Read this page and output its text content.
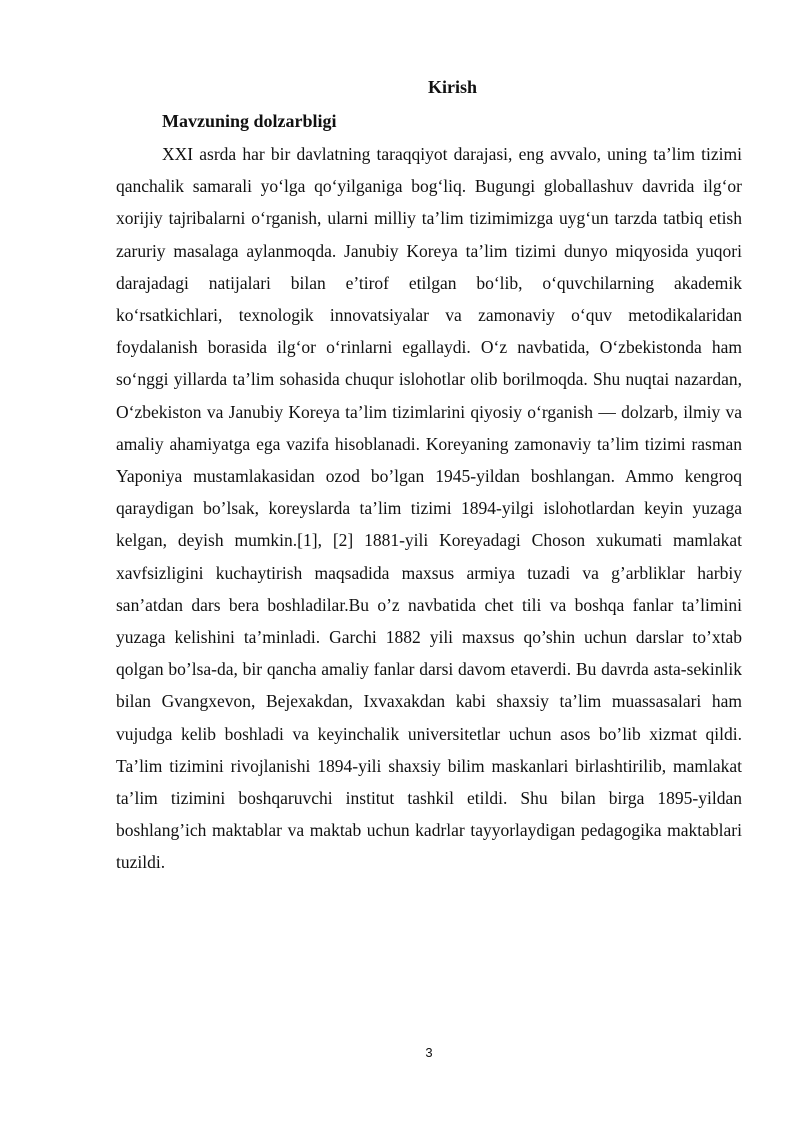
Kirish
Mavzuning dolzarbligi

XXI asrda har bir davlatning taraqqiyot darajasi, eng avvalo, uning ta’lim tizimi qanchalik samarali yo‘lga qo‘yilganiga bog‘liq. Bugungi globallashuv davrida ilg‘or xorijiy tajribalarni o‘rganish, ularni milliy ta’lim tizimimizga uyg‘un tarzda tatbiq etish zaruriy masalaga aylanmoqda. Janubiy Koreya ta’lim tizimi dunyo miqyosida yuqori darajadagi natijalari bilan e’tirof etilgan bo‘lib, o‘quvchilarning akademik ko‘rsatkichlari, texnologik innovatsiyalar va zamonaviy o‘quv metodikalaridan foydalanish borasida ilg‘or o‘rinlarni egallaydi. O‘z navbatida, O‘zbekistonda ham so‘nggi yillarda ta’lim sohasida chuqur islohotlar olib borilmoqda. Shu nuqtai nazardan, O‘zbekiston va Janubiy Koreya ta’lim tizimlarini qiyosiy o‘rganish — dolzarb, ilmiy va amaliy ahamiyatga ega vazifa hisoblanadi. Koreyaning zamonaviy ta’lim tizimi rasman Yaponiya mustamlakasidan ozod bo’lgan 1945-yildan boshlangan. Ammo kengroq qaraydigan bo’lsak, koreyslarda ta’lim tizimi 1894-yilgi islohotlardan keyin yuzaga kelgan, deyish mumkin.[1], [2] 1881-yili Koreyadagi Choson xukumati mamlakat xavfsizligini kuchaytirish maqsadida maxsus armiya tuzadi va g’arbliklar harbiy san’atdan dars bera boshladilar.Bu o’z navbatida chet tili va boshqa fanlar ta’limini yuzaga kelishini ta’minladi. Garchi 1882 yili maxsus qo’shin uchun darslar to’xtab qolgan bo’lsa-da, bir qancha amaliy fanlar darsi davom etaverdi. Bu davrda asta-sekinlik bilan Gvangxevon, Bejexakdan, Ixvaxakdan kabi shaxsiy ta’lim muassasalari ham vujudga kelib boshladi va keyinchalik universitetlar uchun asos bo’lib xizmat qildi. Ta’lim tizimini rivojlanishi 1894-yili shaxsiy bilim maskanlari birlashtirilib, mamlakat ta’lim tizimini boshqaruvchi institut tashkil etildi. Shu bilan birga 1895-yildan boshlang’ich maktablar va maktab uchun kadrlar tayyorlaydigan pedagogika maktablari tuzildi.

3
